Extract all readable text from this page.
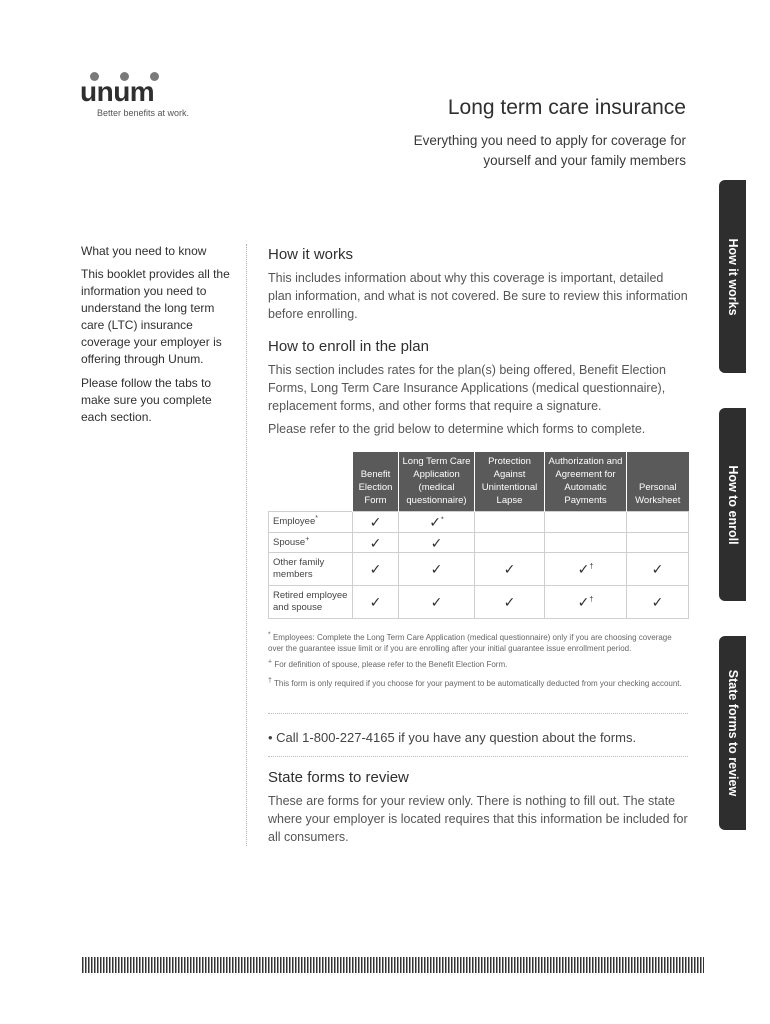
unum
Better benefits at work.	Long term care insurance
Everything you need to apply for coverage for yourself and your family members
How it works
How to enroll
State forms to review
What you need to know

This booklet provides all the information you need to understand the long term care (LTC) insurance coverage your employer is offering through Unum.

Please follow the tabs to make sure you complete each section.

How it works

This includes information about why this coverage is important, detailed plan information, and what is not covered. Be sure to review this information before enrolling.

How to enroll in the plan

This section includes rates for the plan(s) being offered, Benefit Election Forms, Long Term Care Insurance Applications (medical questionnaire), replacement forms, and other forms that require a signature.

Please refer to the grid below to determine which forms to complete.

	Benefit Election Form	Long Term Care Application (medical questionnaire)	Protection Against Unintentional Lapse	Authorization and Agreement for Automatic Payments	Personal Worksheet
Employee*	✓	✓*			
Spouse+	✓	✓			
Other family members	✓	✓	✓	✓†	✓
Retired employee and spouse	✓	✓	✓	✓†	✓
* Employees: Complete the Long Term Care Application (medical questionnaire) only if you are choosing coverage over the guarantee issue limit or if you are enrolling after your initial guarantee issue enrollment period.
+ For definition of spouse, please refer to the Benefit Election Form.
† This form is only required if you choose for your payment to be automatically deducted from your checking account.
• Call 1-800-227-4165 if you have any question about the forms.
State forms to review

These are forms for your review only. There is nothing to fill out. The state where your employer is located requires that this information be included for all consumers.
